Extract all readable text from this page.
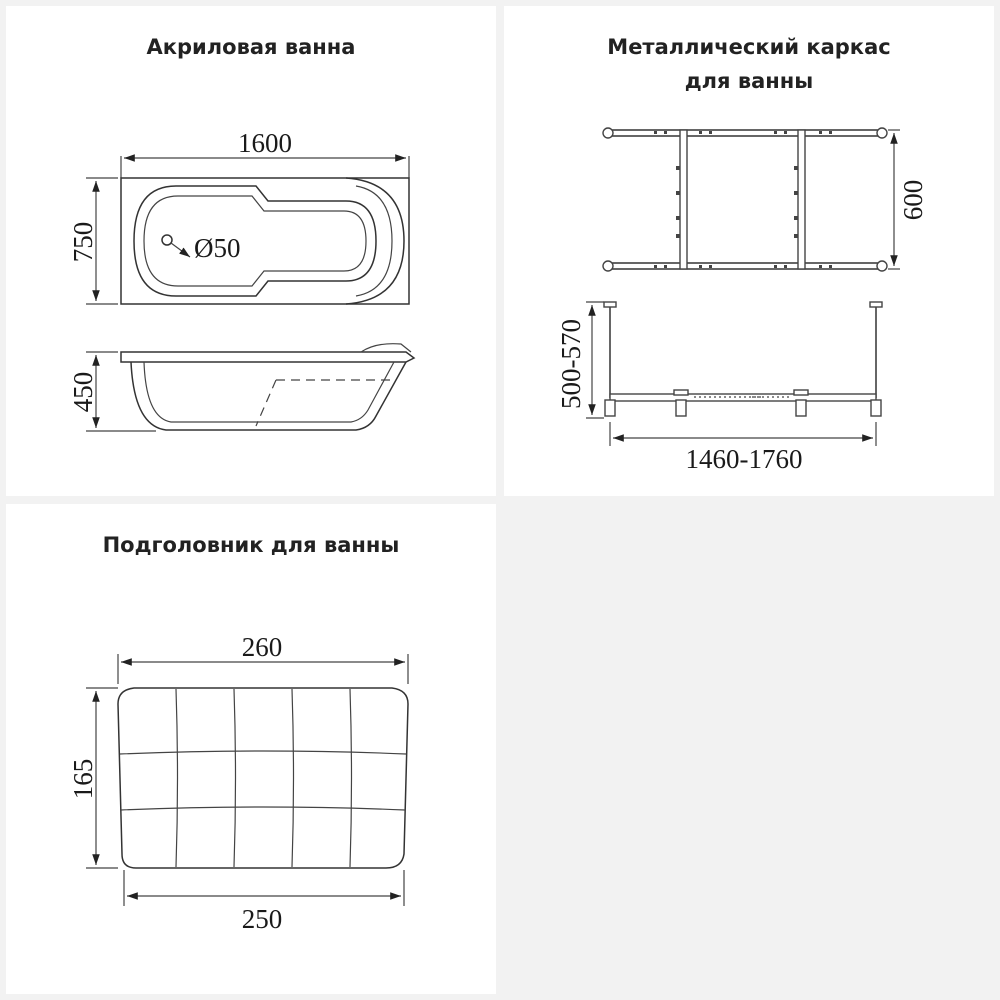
Акриловая ванна
1600
750	Ø50
450
Металлический каркас
для ванны
600
500-570
1460-1760
Подголовник для ванны
260
165
250
